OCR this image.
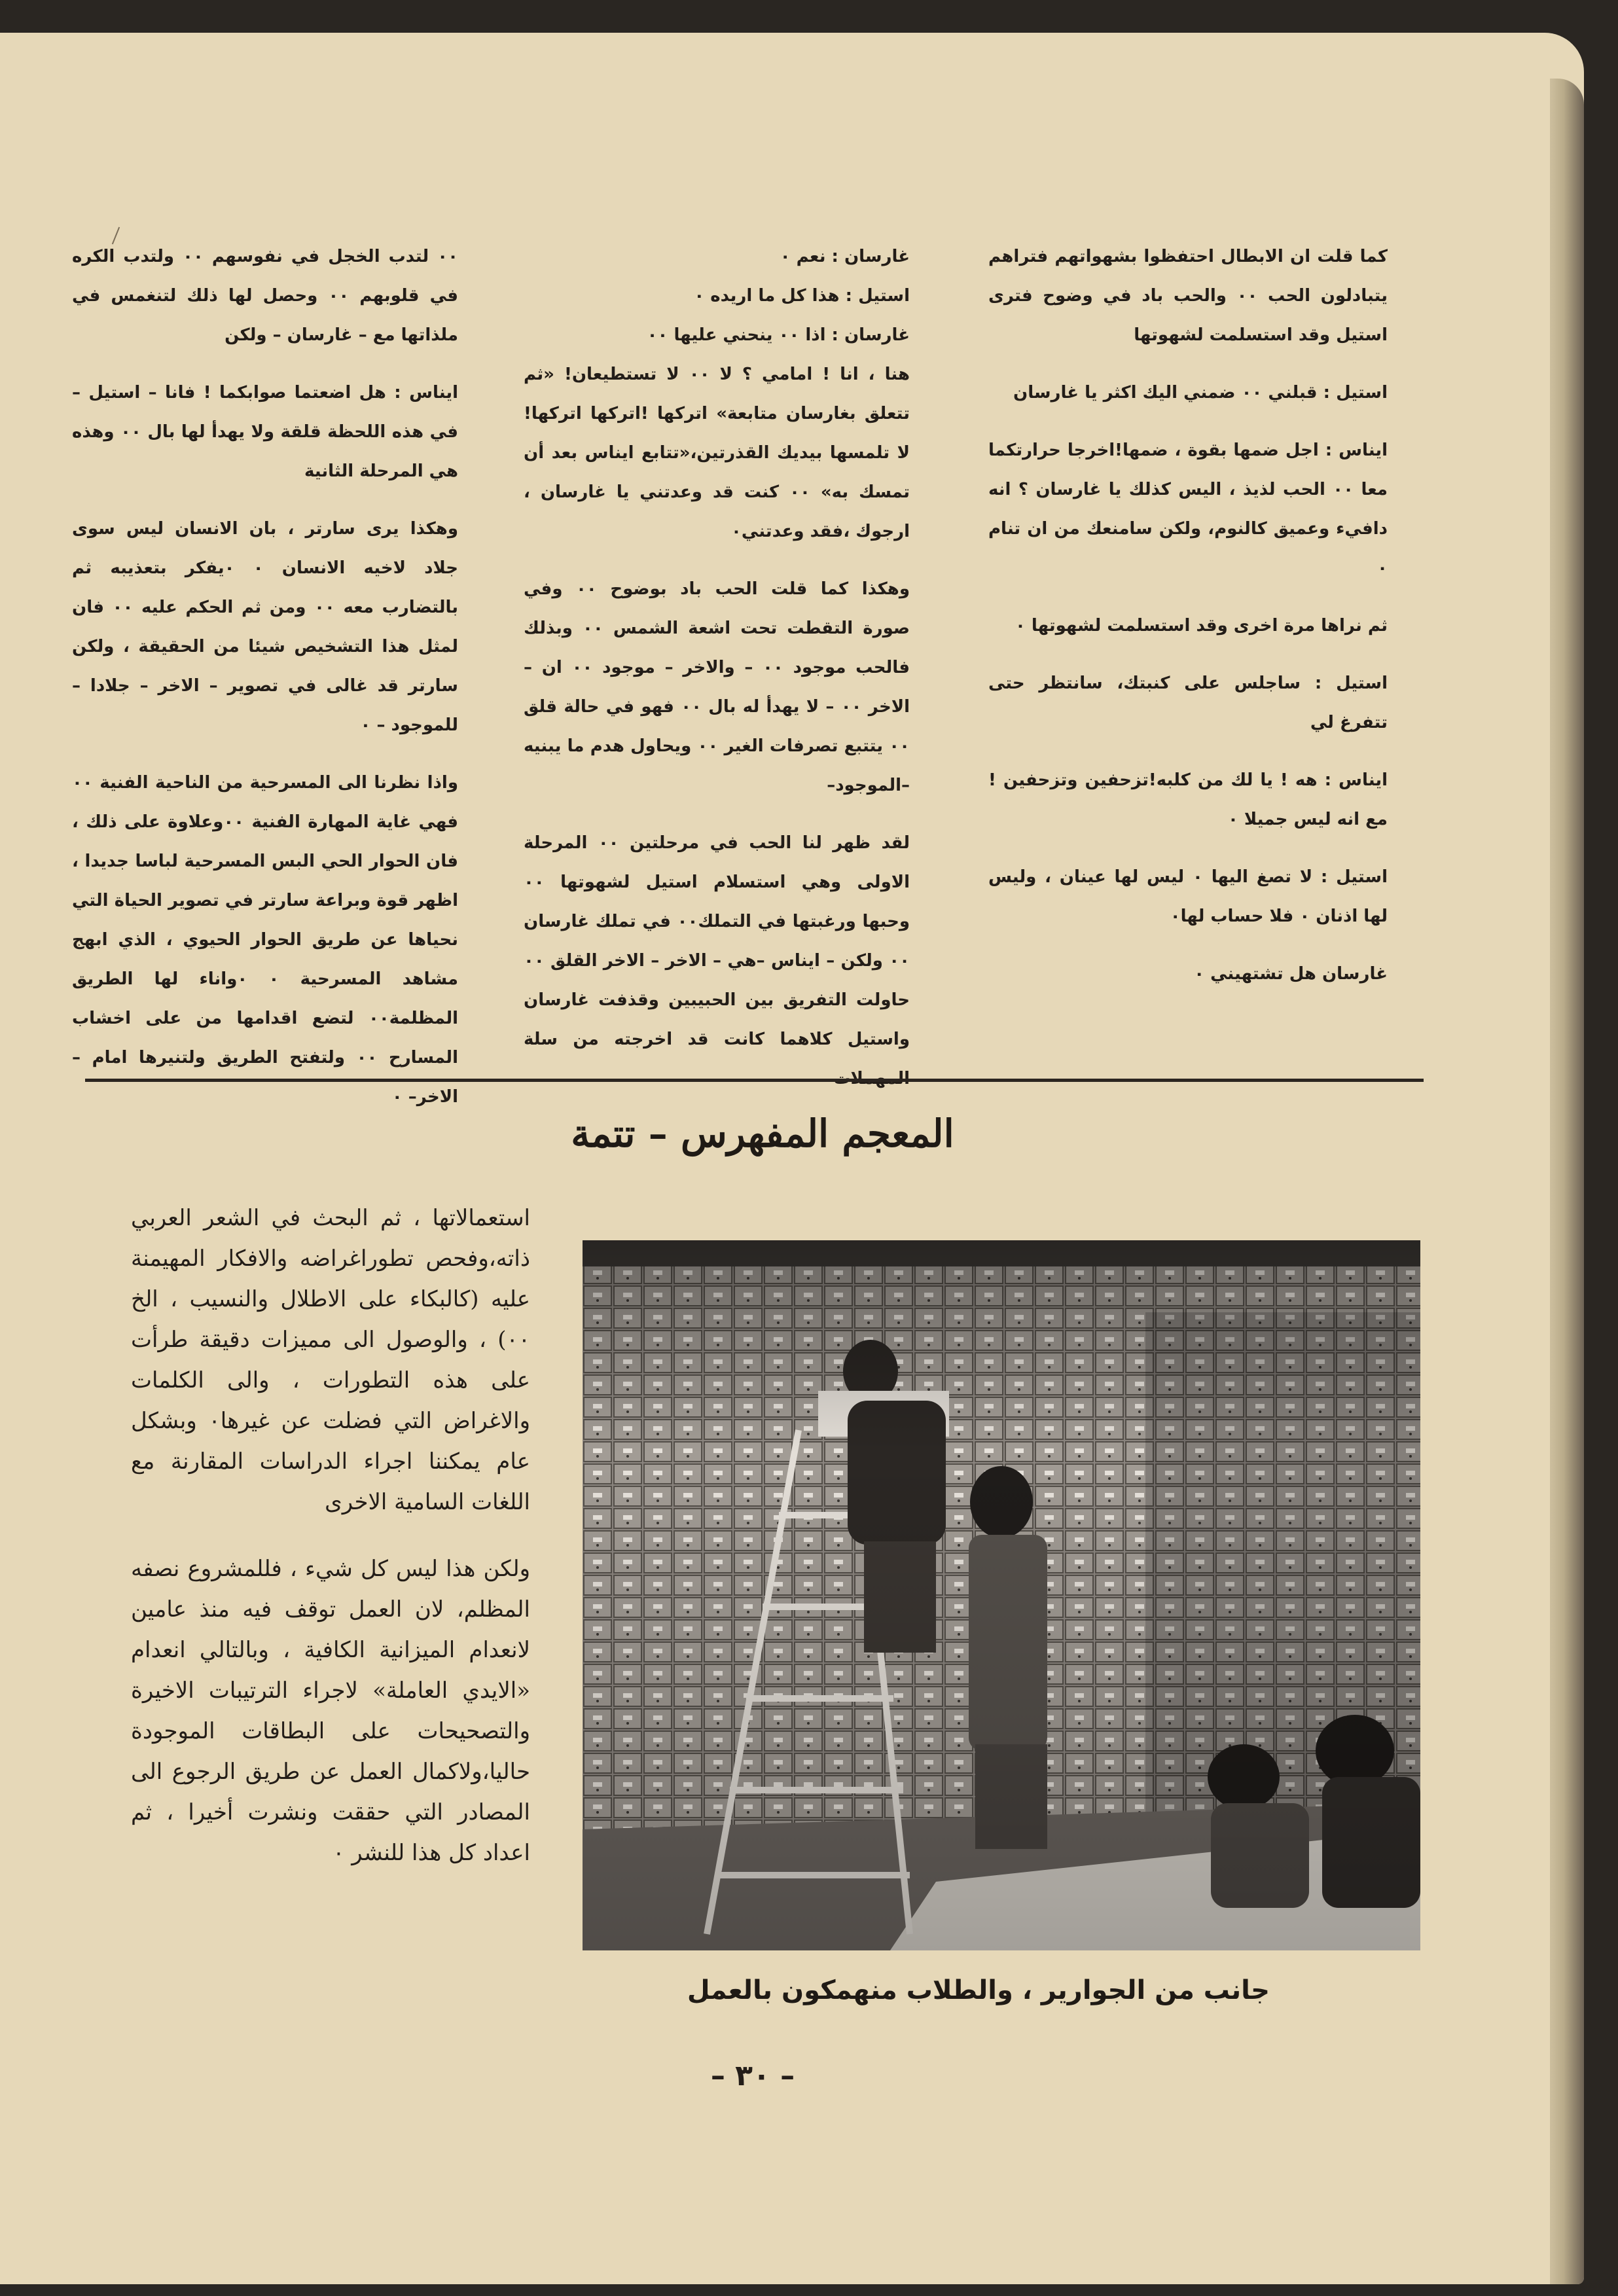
كما قلت ان الابطال احتفظوا بشهواتهم فتراهم يتبادلون الحب ٠٠ والحب باد في وضوح فترى استيل وقد استسلمت لشهوتها

استيل : قبلني ٠٠ ضمني اليك اكثر يا غارسان

ايناس : اجل ضمها بقوة ، ضمها!اخرجا حرارتكما معا ٠٠ الحب لذيذ ، اليس كذلك يا غارسان ؟ انه دافيء وعميق كالنوم، ولكن سامنعك من ان تنام ٠

ثم نراها مرة اخرى وقد استسلمت لشهوتها ٠

استيل : ساجلس على كنبتك، سانتظر حتى تتفرغ لي

ايناس : هه ! يا لك من كلبه!تزحفين وتزحفين ! مع انه ليس جميلا ٠

استيل : لا تصغ اليها ٠ ليس لها عينان ، وليس لها اذنان ٠ فلا حساب لها٠

غارسان هل تشتهيني ٠

غارسان : نعم ٠

استيل : هذا كل ما اريده ٠

غارسان : اذا ٠٠ ينحني عليها ٠٠

هنا ، انا ! امامي ؟ لا ٠٠ لا تستطيعان! «ثم تتعلق بغارسان متابعة» اتركها !اتركها اتركها! لا تلمسها بيديك القذرتين،«تتابع ايناس بعد أن تمسك به» ٠٠ كنت قد وعدتني يا غارسان ، ارجوك ،فقد وعدتني٠

وهكذا كما قلت الحب باد بوضوح ٠٠ وفي صورة التقطت تحت اشعة الشمس ٠٠ وبذلك فالحب موجود ٠٠ – والاخر – موجود ٠٠ ان – الاخر ٠٠ – لا يهدأ له بال ٠٠ فهو في حالة قلق ٠٠ يتتبع تصرفات الغير ٠٠ ويحاول هدم ما يبنيه –الموجود–

لقد ظهر لنا الحب في مرحلتين ٠٠ المرحلة الاولى وهي استسلام استيل لشهوتها ٠٠ وحبها ورغبتها في التملك٠٠ في تملك غارسان ٠٠ ولكن – ايناس –هي – الاخر – الاخر القلق ٠٠ حاولت التفريق بين الحبيبين وقذفت غارسان واستيل كلاهما كانت قد اخرجته من سلة المهملات

٠٠ لتدب الخجل في نفوسهم ٠٠ ولتدب الكره في قلوبهم ٠٠ وحصل لها ذلك لتنغمس في ملذاتها مع – غارسان – ولكن

ايناس : هل اضعتما صوابكما ! فانا – استيل – في هذه اللحظة قلقة ولا يهدأ لها بال ٠٠ وهذه هي المرحلة الثانية

وهكذا يرى سارتر ، بان الانسان ليس سوى جلاد لاخيه الانسان ٠ ٠يفكر بتعذيبه ثم بالتضارب معه ٠٠ ومن ثم الحكم عليه ٠٠ فان لمثل هذا التشخيص شيئا من الحقيقة ، ولكن سارتر قد غالى في تصوير – الاخر – جلادا – للموجود – ٠

واذا نظرنا الى المسرحية من الناحية الفنية ٠٠ فهي غاية المهارة الفنية ٠٠وعلاوة على ذلك ، فان الحوار الحي البس المسرحية لباسا جديدا ، اظهر قوة وبراعة سارتر في تصوير الحياة التي نحياها عن طريق الحوار الحيوي ، الذي ابهج مشاهد المسرحية ٠ ٠واناء لها الطريق المظلمة٠٠ لتضع اقدامها من على اخشاب المسارح ٠٠ ولتفتح الطريق ولتنيرها امام –الاخر– ٠

المعجم المفهرس – تتمة

استعمالاتها ، ثم البحث في الشعر العربي ذاته،وفحص تطوراغراضه والافكار المهيمنة عليه (كالبكاء على الاطلال والنسيب ، الخ ٠٠) ، والوصول الى مميزات دقيقة طرأت على هذه التطورات ، والى الكلمات والاغراض التي فضلت عن غيرها٠ وبشكل عام يمكننا اجراء الدراسات المقارنة مع اللغات السامية الاخرى

ولكن هذا ليس كل شيء ، فللمشروع نصفه المظلم، لان العمل توقف فيه منذ عامين لانعدام الميزانية الكافية ، وبالتالي انعدام «الايدي العاملة» لاجراء الترتيبات الاخيرة والتصحيحات على البطاقات الموجودة حاليا،ولاكمال العمل عن طريق الرجوع الى المصادر التي حققت ونشرت أخيرا ، ثم اعداد كل هذا للنشر ٠

جانب من الجوارير ، والطلاب منهمكون بالعمل
– ٣٠ –
